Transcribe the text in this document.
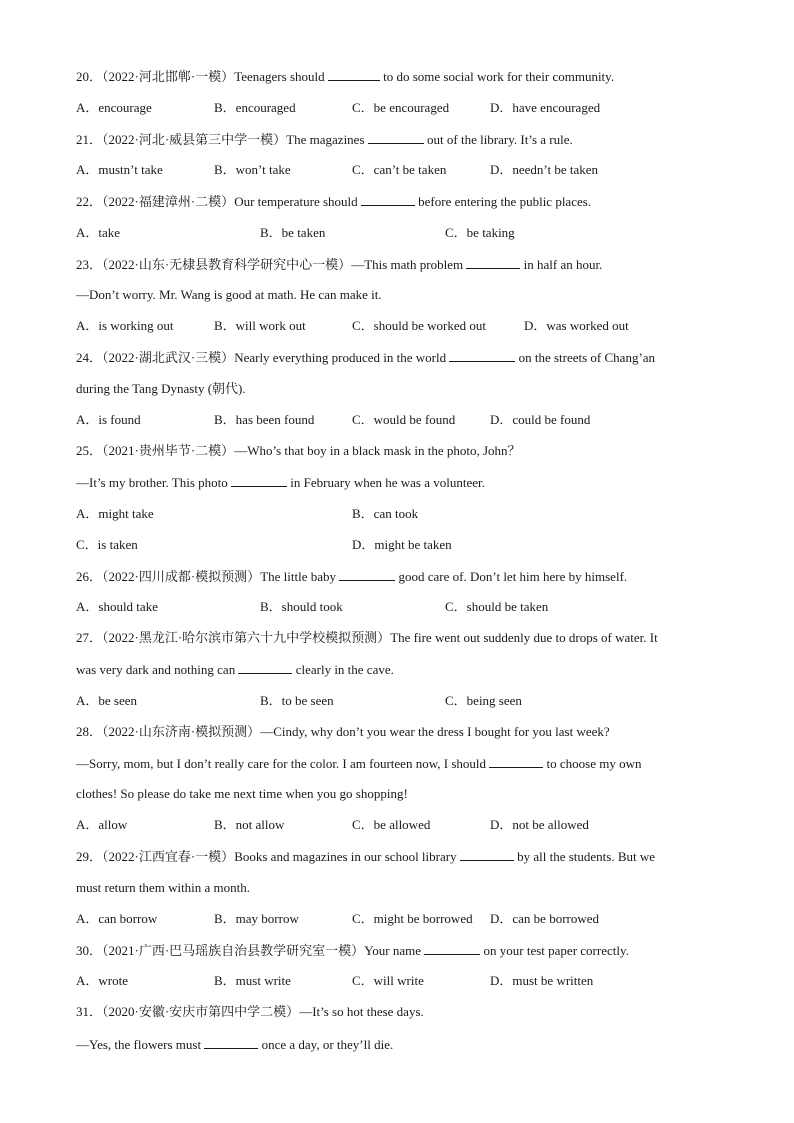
20．（2022·河北邯郸·一模）Teenagers should	to do some social work for their community.
A．encourage	B．encouraged	C．be encouraged	D．have encouraged
21．（2022·河北·威县第三中学一模）The magazines	out of the library. It’s a rule.
A．mustn’t take	B．won’t take	C．can’t be taken	D．needn’t be taken
22．（2022·福建漳州·二模）Our temperature should	before entering the public places.
A．take	B．be taken	C．be taking
23．（2022·山东·无棣县教育科学研究中心一模）—This math problem	in half an hour.
—Don’t worry. Mr. Wang is good at math. He can make it.
A．is working out	B．will work out	C．should be worked out	D．was worked out
24．（2022·湖北武汉·三模）Nearly everything produced in the world	on the streets of Chang’an
during the Tang Dynasty (朝代).
A．is found	B．has been found	C．would be found	D．could be found
25．（2021·贵州毕节·二模）—Who’s that boy in a black mask in the photo, John？
—It’s my brother. This photo	in February when he was a volunteer.
A．might take	B．can took
C．is taken	D．might be taken
26．（2022·四川成都·模拟预测）The little baby	good care of. Don’t let him here by himself.
A．should take	B．should took	C．should be taken
27．（2022·黑龙江·哈尔滨市第六十九中学校模拟预测）The fire went out suddenly due to drops of water. It
was very dark and nothing can	clearly in the cave.
A．be seen	B．to be seen	C．being seen
28．（2022·山东济南·模拟预测）—Cindy, why don’t you wear the dress I bought for you last week?
—Sorry, mom, but I don’t really care for the color. I am fourteen now, I should	to choose my own
clothes! So please do take me next time when you go shopping!
A．allow	B．not allow	C．be allowed	D．not be allowed
29．（2022·江西宜春·一模）Books and magazines in our school library	by all the students. But we
must return them within a month.
A．can borrow	B．may borrow	C．might be borrowed D．can be borrowed
30．（2021·广西·巴马瑶族自治县教学研究室一模）Your name	on your test paper correctly.
A．wrote	B．must write	C．will write	D．must be written
31．（2020·安徽·安庆市第四中学二模）—It’s so hot these days.
—Yes, the flowers must	once a day, or they’ll die.
